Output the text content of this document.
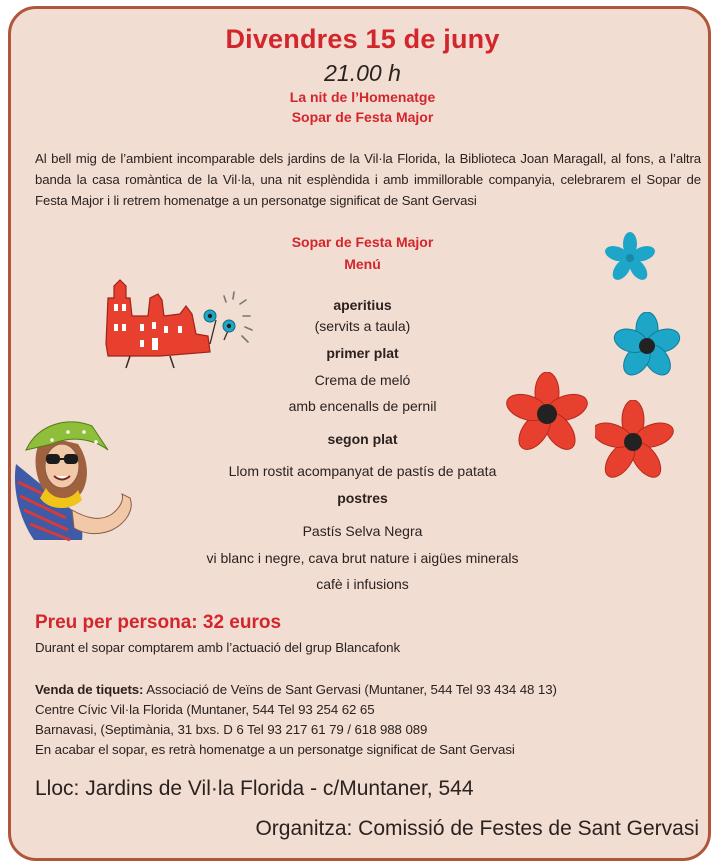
Divendres 15 de juny
21.00 h
La nit de l’Homenatge
Sopar de Festa Major
Al bell mig de l’ambient incomparable dels jardins de la Vil·la Florida, la Biblioteca Joan Maragall, al fons, a l’altra banda la casa romàntica de la Vil·la, una nit esplèndida i amb immillorable companyia, celebrarem el Sopar de Festa Major i li retrem homenatge a un personatge significat de Sant Gervasi
Sopar de Festa Major
Menú
aperitius
(servits a taula)
primer plat
Crema de meló
amb encenalls de pernil
segon plat
Llom rostit acompanyat de pastís de patata
postres
Pastís Selva Negra
vi blanc i negre, cava brut nature i aigües minerals
cafè i infusions
Preu per persona: 32 euros
Durant el sopar comptarem amb l’actuació del grup Blancafonk
Venda de tiquets: Associació de Veïns de Sant Gervasi (Muntaner, 544 Tel 93 434 48 13)
Centre Cívic Vil·la Florida (Muntaner, 544 Tel 93 254 62 65
Barnavasi, (Septimània, 31 bxs. D 6 Tel 93 217 61 79 / 618 988 089
En acabar el sopar, es retrà homenatge a un personatge significat de Sant Gervasi
Lloc: Jardins de Vil·la Florida - c/Muntaner, 544
Organitza: Comissió de Festes de Sant Gervasi
